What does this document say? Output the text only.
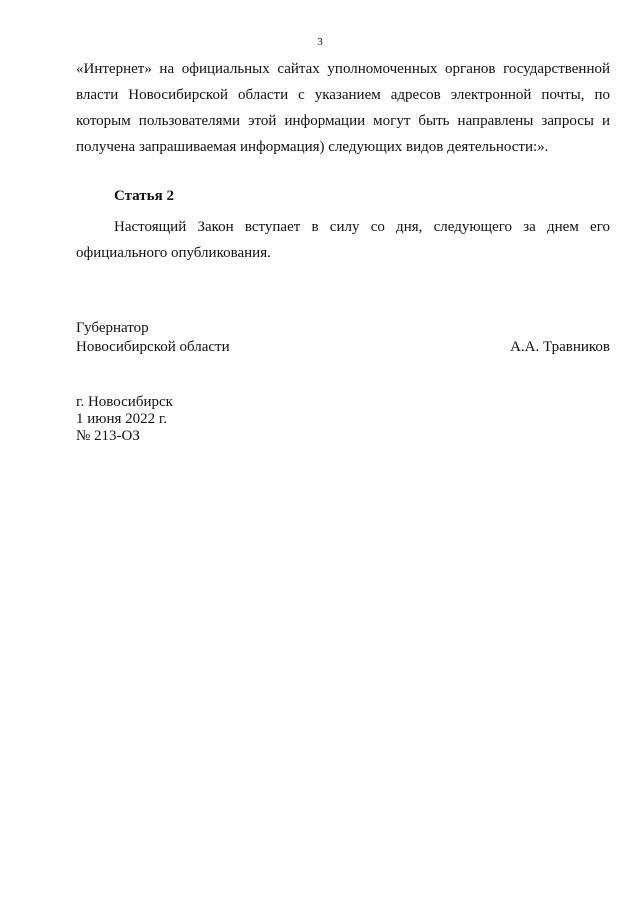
3

«Интернет» на официальных сайтах уполномоченных органов государственной власти Новосибирской области с указанием адресов электронной почты, по которым пользователями этой информации могут быть направлены запросы и получена запрашиваемая информация) следующих видов деятельности:».

Статья 2

Настоящий Закон вступает в силу со дня, следующего за днем его официального опубликования.

Губернатор
Новосибирской области	А.А. Травников
г. Новосибирск
1 июня 2022 г.
№ 213-ОЗ
